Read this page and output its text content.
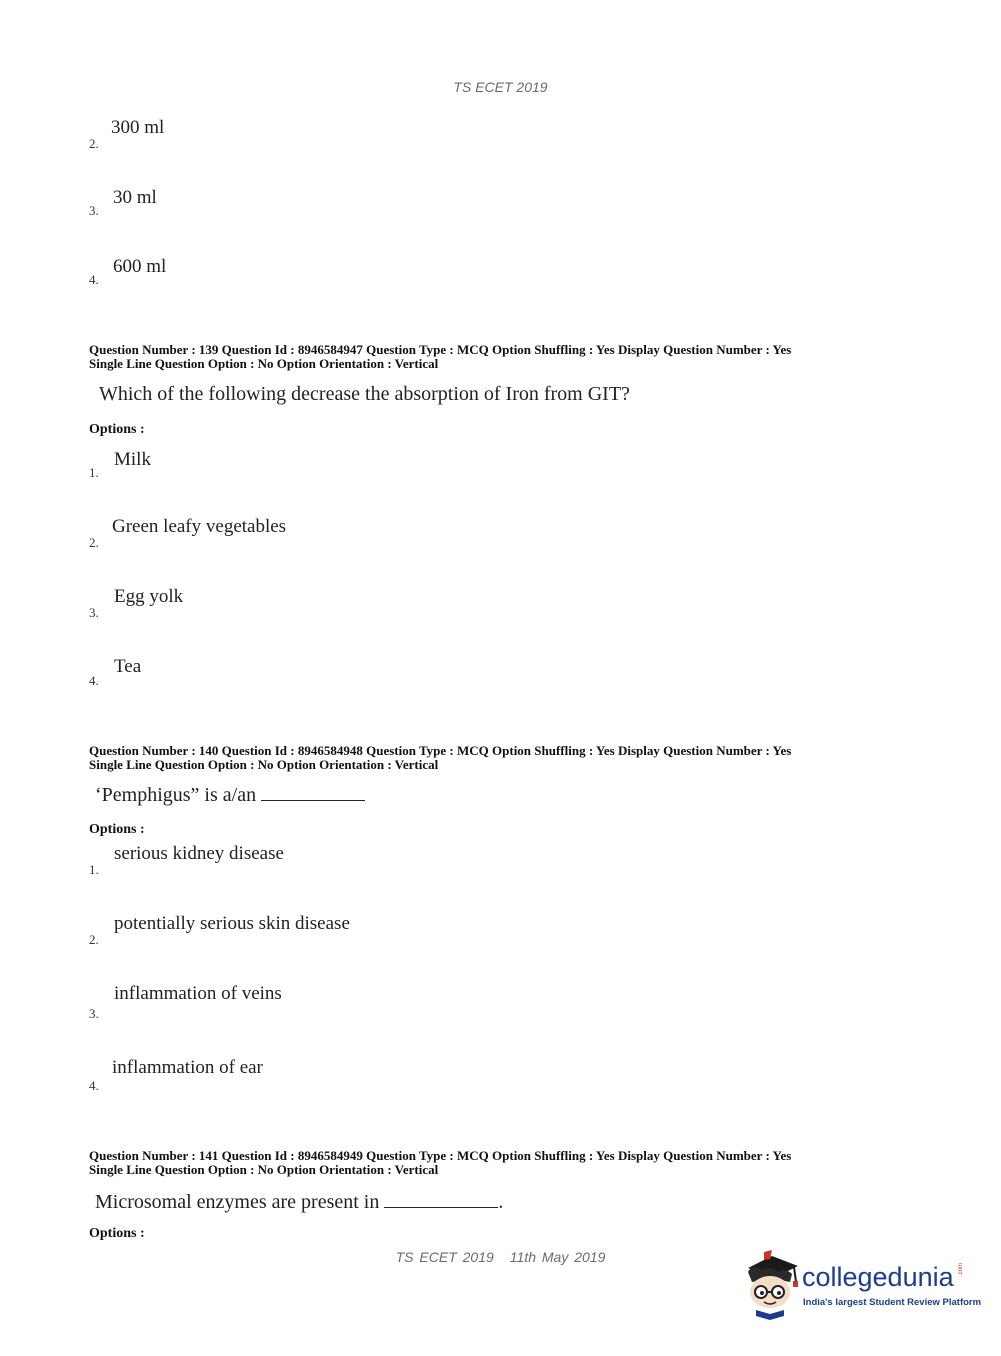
TS ECET 2019
2.
300 ml
3.
30 ml
4.
600 ml
Question Number : 139 Question Id : 8946584947 Question Type : MCQ Option Shuffling : Yes Display Question Number : Yes
Single Line Question Option : No Option Orientation : Vertical
Which of the following decrease the absorption of Iron from GIT?
Options :
1.
Milk
2.
Green leafy vegetables
3.
Egg yolk
4.
Tea
Question Number : 140 Question Id : 8946584948 Question Type : MCQ Option Shuffling : Yes Display Question Number : Yes
Single Line Question Option : No Option Orientation : Vertical
‘Pemphigus” is a/an
Options :
1.
serious kidney disease
2.
potentially serious skin disease
3.
inflammation of veins
4.
inflammation of ear
Question Number : 141 Question Id : 8946584949 Question Type : MCQ Option Shuffling : Yes Display Question Number : Yes
Single Line Question Option : No Option Orientation : Vertical
Microsomal enzymes are present in	.
Options :
TS ECET 2019 11th May 2019
collegedunia .com
India's largest Student Review Platform
